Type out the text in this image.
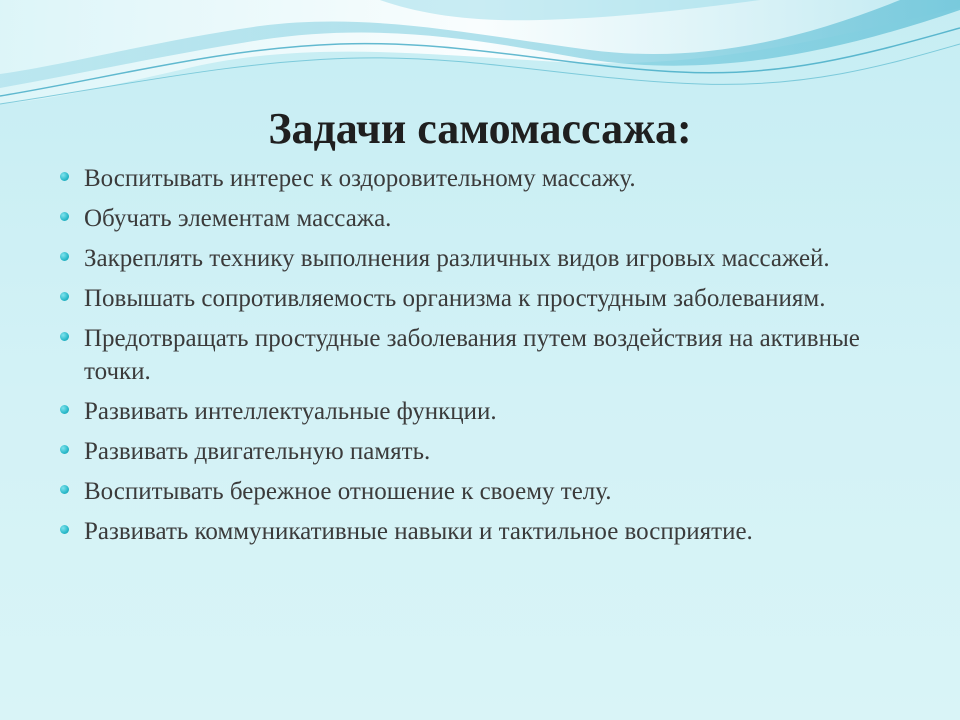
Задачи самомассажа:
Воспитывать интерес к оздоровительному массажу.
Обучать элементам массажа.
Закреплять технику выполнения различных видов игровых массажей.
Повышать сопротивляемость организма к простудным заболеваниям.
Предотвращать простудные заболевания путем воздействия на активные точки.
Развивать интеллектуальные функции.
Развивать двигательную память.
Воспитывать бережное отношение к своему телу.
Развивать коммуникативные навыки и тактильное восприятие.
